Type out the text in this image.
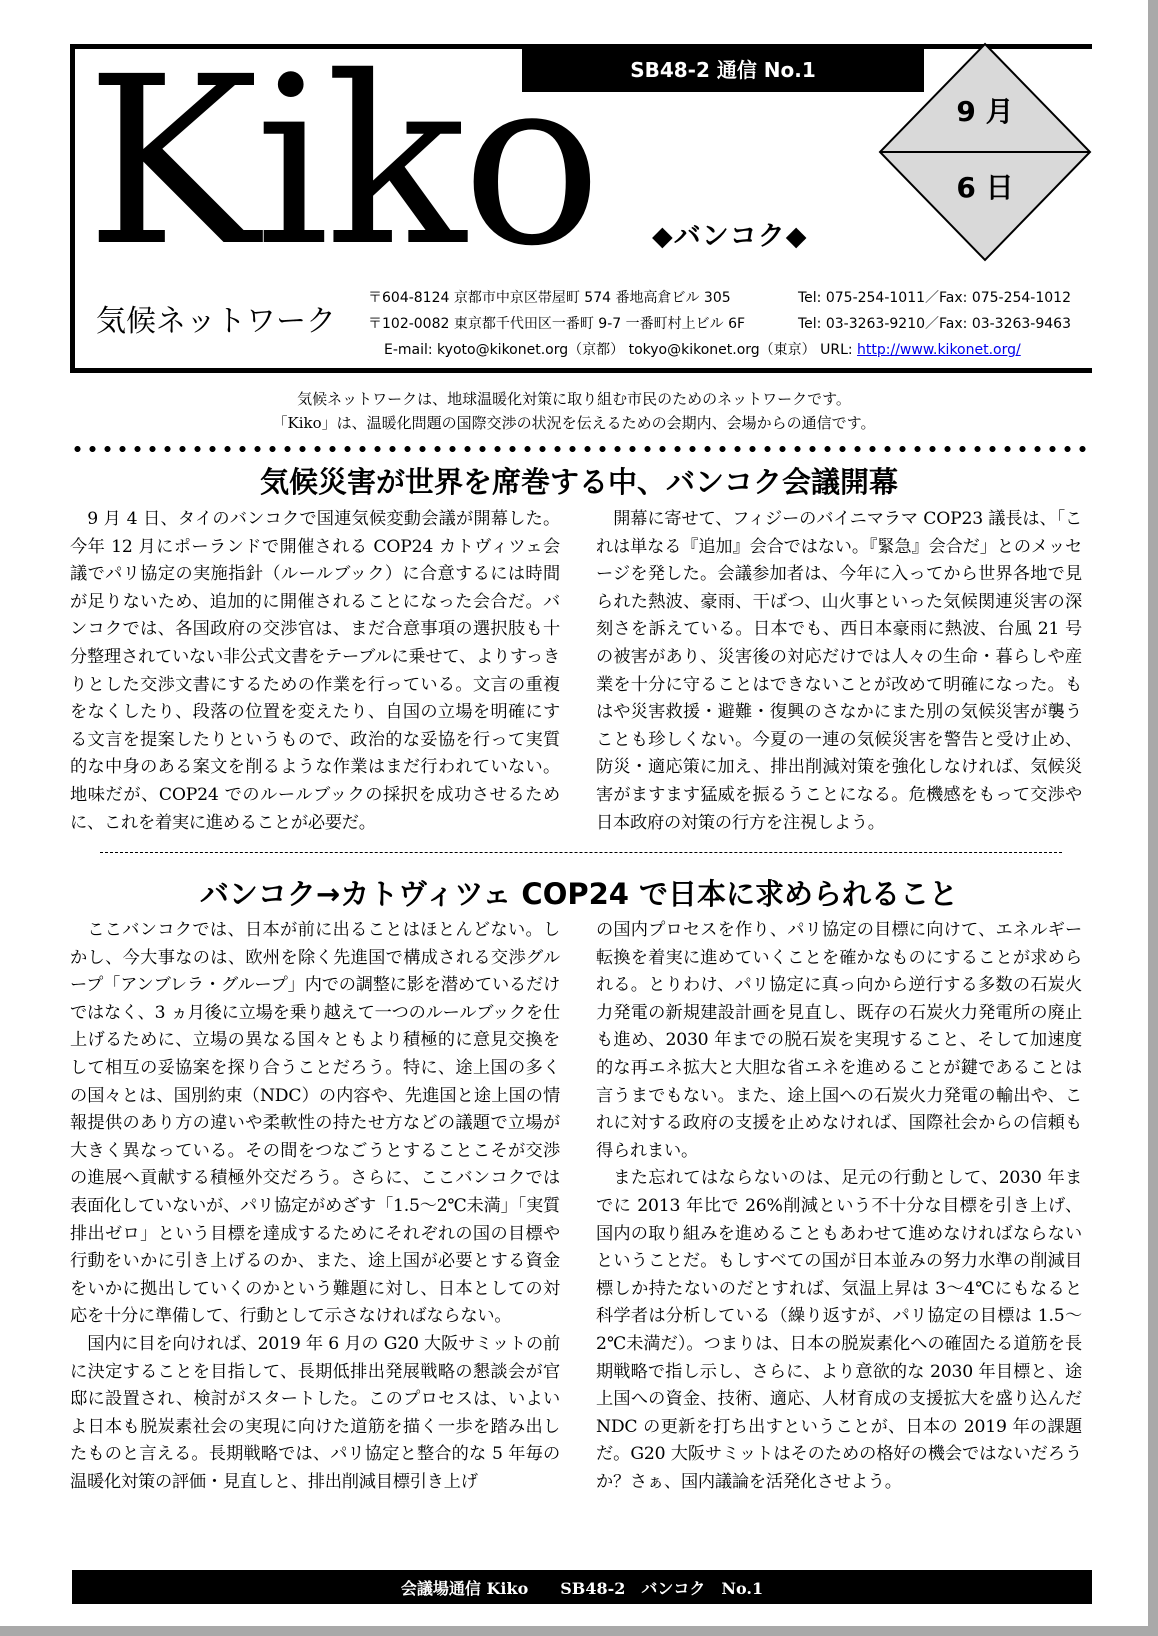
SB48-2 通信 No.1
Kiko	9 月
6 日
◆バンコク◆
気候ネットワーク
〒604-8124 京都市中京区帯屋町 574 番地高倉ビル 305	Tel: 075-254-1011／Fax: 075-254-1012
〒102-0082 東京都千代田区一番町 9-7 一番町村上ビル 6F	Tel: 03-3263-9210／Fax: 03-3263-9463
E-mail: kyoto@kikonet.org（京都） tokyo@kikonet.org（東京） URL: http://www.kikonet.org/
気候ネットワークは、地球温暖化対策に取り組む市民のためのネットワークです。
「Kiko」は、温暖化問題の国際交渉の状況を伝えるための会期内、会場からの通信です。
気候災害が世界を席巻する中、バンコク会議開幕

9 月 4 日、タイのバンコクで国連気候変動会議が開幕した。今年 12 月にポーランドで開催される COP24 カトヴィツェ会議でパリ協定の実施指針（ルールブック）に合意するには時間が足りないため、追加的に開催されることになった会合だ。バンコクでは、各国政府の交渉官は、まだ合意事項の選択肢も十分整理されていない非公式文書をテーブルに乗せて、よりすっきりとした交渉文書にするための作業を行っている。文言の重複をなくしたり、段落の位置を変えたり、自国の立場を明確にする文言を提案したりというもので、政治的な妥協を行って実質的な中身のある案文を削るような作業はまだ行われていない。地味だが、COP24 でのルールブックの採択を成功させるために、これを着実に進めることが必要だ。

開幕に寄せて、フィジーのバイニマラマ COP23 議長は、「これは単なる『追加』会合ではない。『緊急』会合だ」とのメッセージを発した。会議参加者は、今年に入ってから世界各地で見られた熱波、豪雨、干ばつ、山火事といった気候関連災害の深刻さを訴えている。日本でも、西日本豪雨に熱波、台風 21 号の被害があり、災害後の対応だけでは人々の生命・暮らしや産業を十分に守ることはできないことが改めて明確になった。もはや災害救援・避難・復興のさなかにまた別の気候災害が襲うことも珍しくない。今夏の一連の気候災害を警告と受け止め、防災・適応策に加え、排出削減対策を強化しなければ、気候災害がますます猛威を振るうことになる。危機感をもって交渉や日本政府の対策の行方を注視しよう。

バンコク→カトヴィツェ COP24 で日本に求められること

ここバンコクでは、日本が前に出ることはほとんどない。しかし、今大事なのは、欧州を除く先進国で構成される交渉グループ「アンブレラ・グループ」内での調整に影を潜めているだけではなく、3 ヵ月後に立場を乗り越えて一つのルールブックを仕上げるために、立場の異なる国々ともより積極的に意見交換をして相互の妥協案を探り合うことだろう。特に、途上国の多くの国々とは、国別約束（NDC）の内容や、先進国と途上国の情報提供のあり方の違いや柔軟性の持たせ方などの議題で立場が大きく異なっている。その間をつなごうとすることこそが交渉の進展へ貢献する積極外交だろう。さらに、ここバンコクでは表面化していないが、パリ協定がめざす「1.5～2℃未満」「実質排出ゼロ」という目標を達成するためにそれぞれの国の目標や行動をいかに引き上げるのか、また、途上国が必要とする資金をいかに拠出していくのかという難題に対し、日本としての対応を十分に準備して、行動として示さなければならない。

国内に目を向ければ、2019 年 6 月の G20 大阪サミットの前に決定することを目指して、長期低排出発展戦略の懇談会が官邸に設置され、検討がスタートした。このプロセスは、いよいよ日本も脱炭素社会の実現に向けた道筋を描く一歩を踏み出したものと言える。長期戦略では、パリ協定と整合的な 5 年毎の温暖化対策の評価・見直しと、排出削減目標引き上げ

の国内プロセスを作り、パリ協定の目標に向けて、エネルギー転換を着実に進めていくことを確かなものにすることが求められる。とりわけ、パリ協定に真っ向から逆行する多数の石炭火力発電の新規建設計画を見直し、既存の石炭火力発電所の廃止も進め、2030 年までの脱石炭を実現すること、そして加速度的な再エネ拡大と大胆な省エネを進めることが鍵であることは言うまでもない。また、途上国への石炭火力発電の輸出や、これに対する政府の支援を止めなければ、国際社会からの信頼も得られまい。

また忘れてはならないのは、足元の行動として、2030 年までに 2013 年比で 26%削減という不十分な目標を引き上げ、国内の取り組みを進めることもあわせて進めなければならないということだ。もしすべての国が日本並みの努力水準の削減目標しか持たないのだとすれば、気温上昇は 3～4℃にもなると科学者は分析している（繰り返すが、パリ協定の目標は 1.5～2℃未満だ）。つまりは、日本の脱炭素化への確固たる道筋を長期戦略で指し示し、さらに、より意欲的な 2030 年目標と、途上国への資金、技術、適応、人材育成の支援拡大を盛り込んだ NDC の更新を打ち出すということが、日本の 2019 年の課題だ。G20 大阪サミットはそのための格好の機会ではないだろうか？さぁ、国内議論を活発化させよう。

会議場通信 Kiko　　SB48-2　バンコク　No.1
